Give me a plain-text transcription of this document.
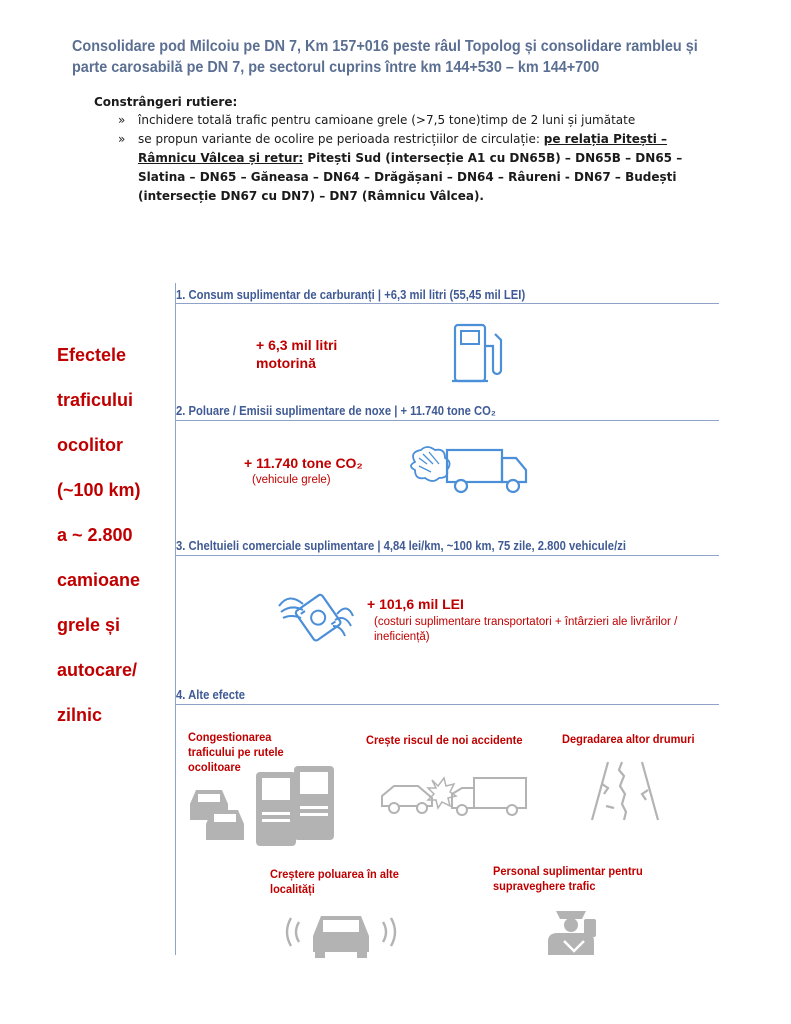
Consolidare pod Milcoiu pe DN 7, Km 157+016 peste râul Topolog și consolidare rambleu și parte carosabilă pe DN 7, pe sectorul cuprins între km 144+530 – km 144+700
Constrângeri rutiere:
» închidere totală trafic pentru camioane grele (>7,5 tone)timp de 2 luni și jumătate
» se propun variante de ocolire pe perioada restricțiilor de circulație: pe relația Pitești – Râmnicu Vâlcea și retur: Pitești Sud (intersecție A1 cu DN65B) – DN65B – DN65 – Slatina – DN65 – Găneasa – DN64 – Drăgășani – DN64 – Râureni - DN67 – Budești (intersecție DN67 cu DN7) – DN7 (Râmnicu Vâlcea).
Efectele
traficului
ocolitor
(~100 km)
a ~ 2.800
camioane
grele și
autocare/
zilnic
1. Consum suplimentar de carburanți | +6,3 mil litri (55,45 mil LEI)
+ 6,3 mil litri
motorină
2. Poluare / Emisii suplimentare de noxe | + 11.740 tone CO₂
+ 11.740 tone CO₂
(vehicule grele)
3. Cheltuieli comerciale suplimentare | 4,84 lei/km, ~100 km, 75 zile, 2.800 vehicule/zi
+ 101,6 mil LEI
(costuri suplimentare transportatori + întârzieri ale livrărilor / ineficiență)
4. Alte efecte
Congestionarea traficului pe rutele ocolitoare
Crește riscul de noi accidente	Degradarea altor drumuri
Creștere poluarea în alte localități
Personal suplimentar pentru supraveghere trafic
